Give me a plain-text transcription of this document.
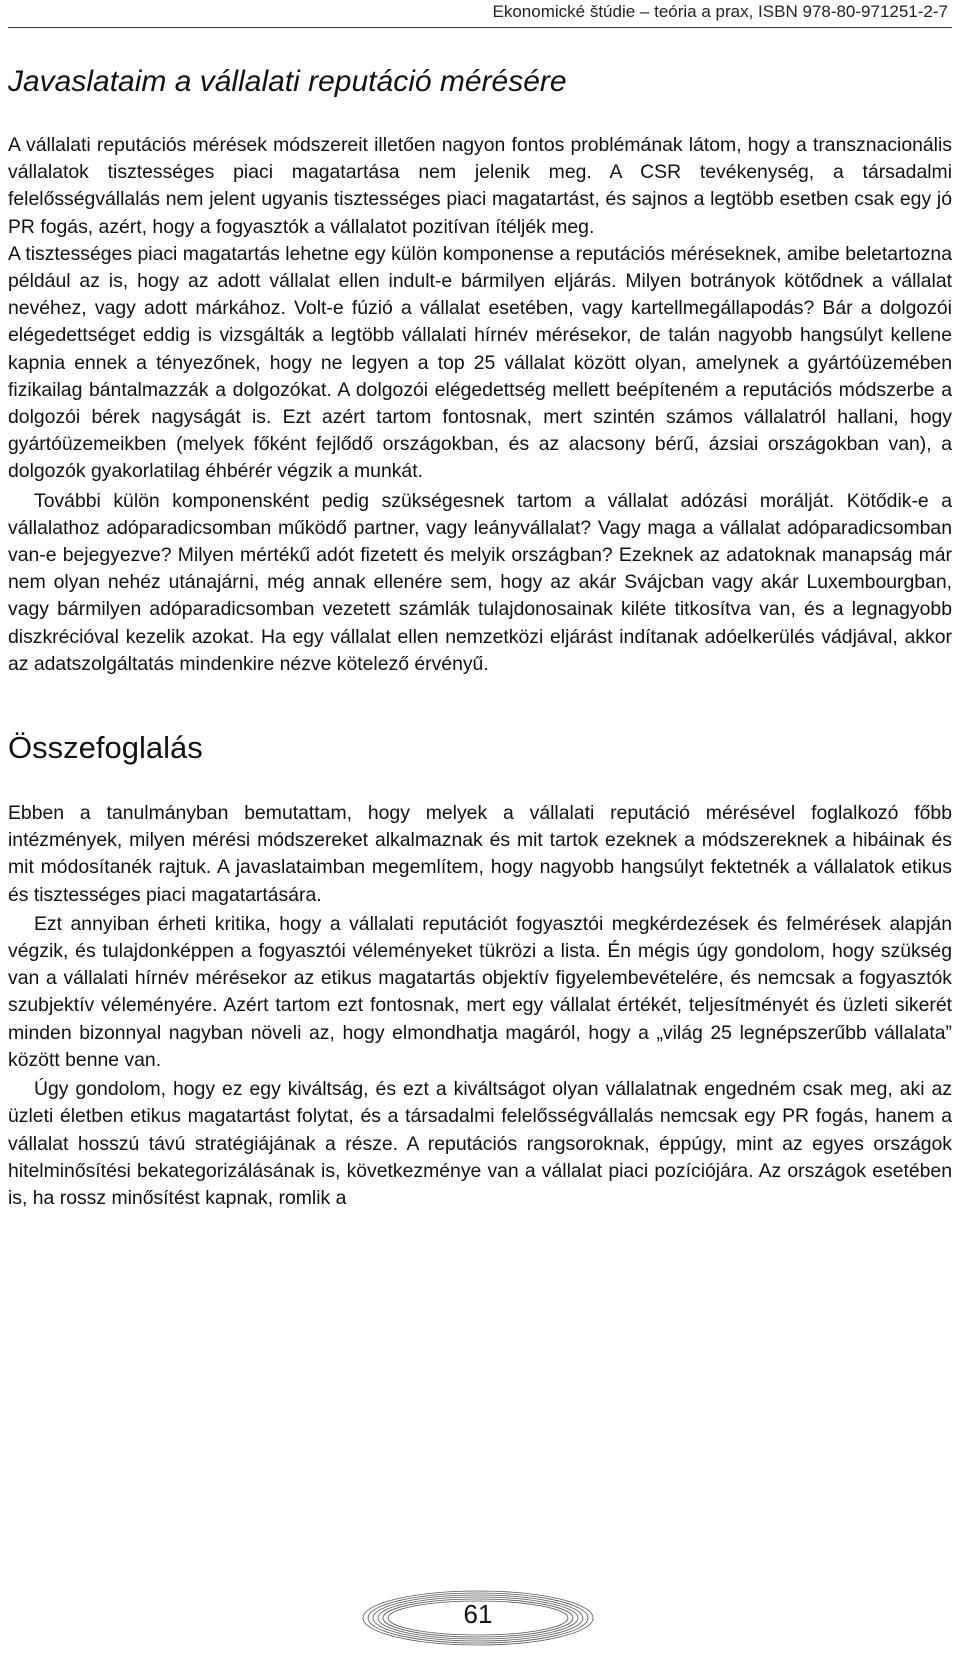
Ekonomické štúdie – teória a prax, ISBN 978-80-971251-2-7
Javaslataim a vállalati reputáció mérésére

A vállalati reputációs mérések módszereit illetően nagyon fontos problémának látom, hogy a transznacionális vállalatok tisztességes piaci magatartása nem jelenik meg. A CSR tevékenység, a társadalmi felelősségvállalás nem jelent ugyanis tisztességes piaci magatartást, és sajnos a legtöbb esetben csak egy jó PR fogás, azért, hogy a fogyasztók a vállalatot pozitívan ítéljék meg.

A tisztességes piaci magatartás lehetne egy külön komponense a reputációs méréseknek, amibe beletartozna például az is, hogy az adott vállalat ellen indult-e bármilyen eljárás. Milyen botrányok kötődnek a vállalat nevéhez, vagy adott márkához. Volt-e fúzió a vállalat esetében, vagy kartellmegállapodás? Bár a dolgozói elégedettséget eddig is vizsgálták a legtöbb vállalati hírnév mérésekor, de talán nagyobb hangsúlyt kellene kapnia ennek a tényezőnek, hogy ne legyen a top 25 vállalat között olyan, amelynek a gyártóüzemében fizikailag bántalmazzák a dolgozókat. A dolgozói elégedettség mellett beépíteném a reputációs módszerbe a dolgozói bérek nagyságát is. Ezt azért tartom fontosnak, mert szintén számos vállalatról hallani, hogy gyártóüzemeikben (melyek főként fejlődő országokban, és az alacsony bérű, ázsiai országokban van), a dolgozók gyakorlatilag éhbérér végzik a munkát.

További külön komponensként pedig szükségesnek tartom a vállalat adózási morálját. Kötődik-e a vállalathoz adóparadicsomban működő partner, vagy leányvállalat? Vagy maga a vállalat adóparadicsomban van-e bejegyezve? Milyen mértékű adót fizetett és melyik országban? Ezeknek az adatoknak manapság már nem olyan nehéz utánajárni, még annak ellenére sem, hogy az akár Svájcban vagy akár Luxembourgban, vagy bármilyen adóparadicsomban vezetett számlák tulajdonosainak kiléte titkosítva van, és a legnagyobb diszkrécióval kezelik azokat. Ha egy vállalat ellen nemzetközi eljárást indítanak adóelkerülés vádjával, akkor az adatszolgáltatás mindenkire nézve kötelező érvényű.

Összefoglalás

Ebben a tanulmányban bemutattam, hogy melyek a vállalati reputáció mérésével foglalkozó főbb intézmények, milyen mérési módszereket alkalmaznak és mit tartok ezeknek a módszereknek a hibáinak és mit módosítanék rajtuk. A javaslataimban megemlítem, hogy nagyobb hangsúlyt fektetnék a vállalatok etikus és tisztességes piaci magatartására.

Ezt annyiban érheti kritika, hogy a vállalati reputációt fogyasztói megkérdezések és felmérések alapján végzik, és tulajdonképpen a fogyasztói véleményeket tükrözi a lista. Én mégis úgy gondolom, hogy szükség van a vállalati hírnév mérésekor az etikus magatartás objektív figyelembevételére, és nemcsak a fogyasztók szubjektív véleményére. Azért tartom ezt fontosnak, mert egy vállalat értékét, teljesítményét és üzleti sikerét minden bizonnyal nagyban növeli az, hogy elmondhatja magáról, hogy a „világ 25 legnépszerűbb vállalata” között benne van.

Úgy gondolom, hogy ez egy kiváltság, és ezt a kiváltságot olyan vállalatnak engedném csak meg, aki az üzleti életben etikus magatartást folytat, és a társadalmi felelősségvállalás nemcsak egy PR fogás, hanem a vállalat hosszú távú stratégiájának a része. A reputációs rangsoroknak, éppúgy, mint az egyes országok hitelminősítési bekategorizálásának is, következménye van a vállalat piaci pozíciójára. Az országok esetében is, ha rossz minősítést kapnak, romlik a

61
